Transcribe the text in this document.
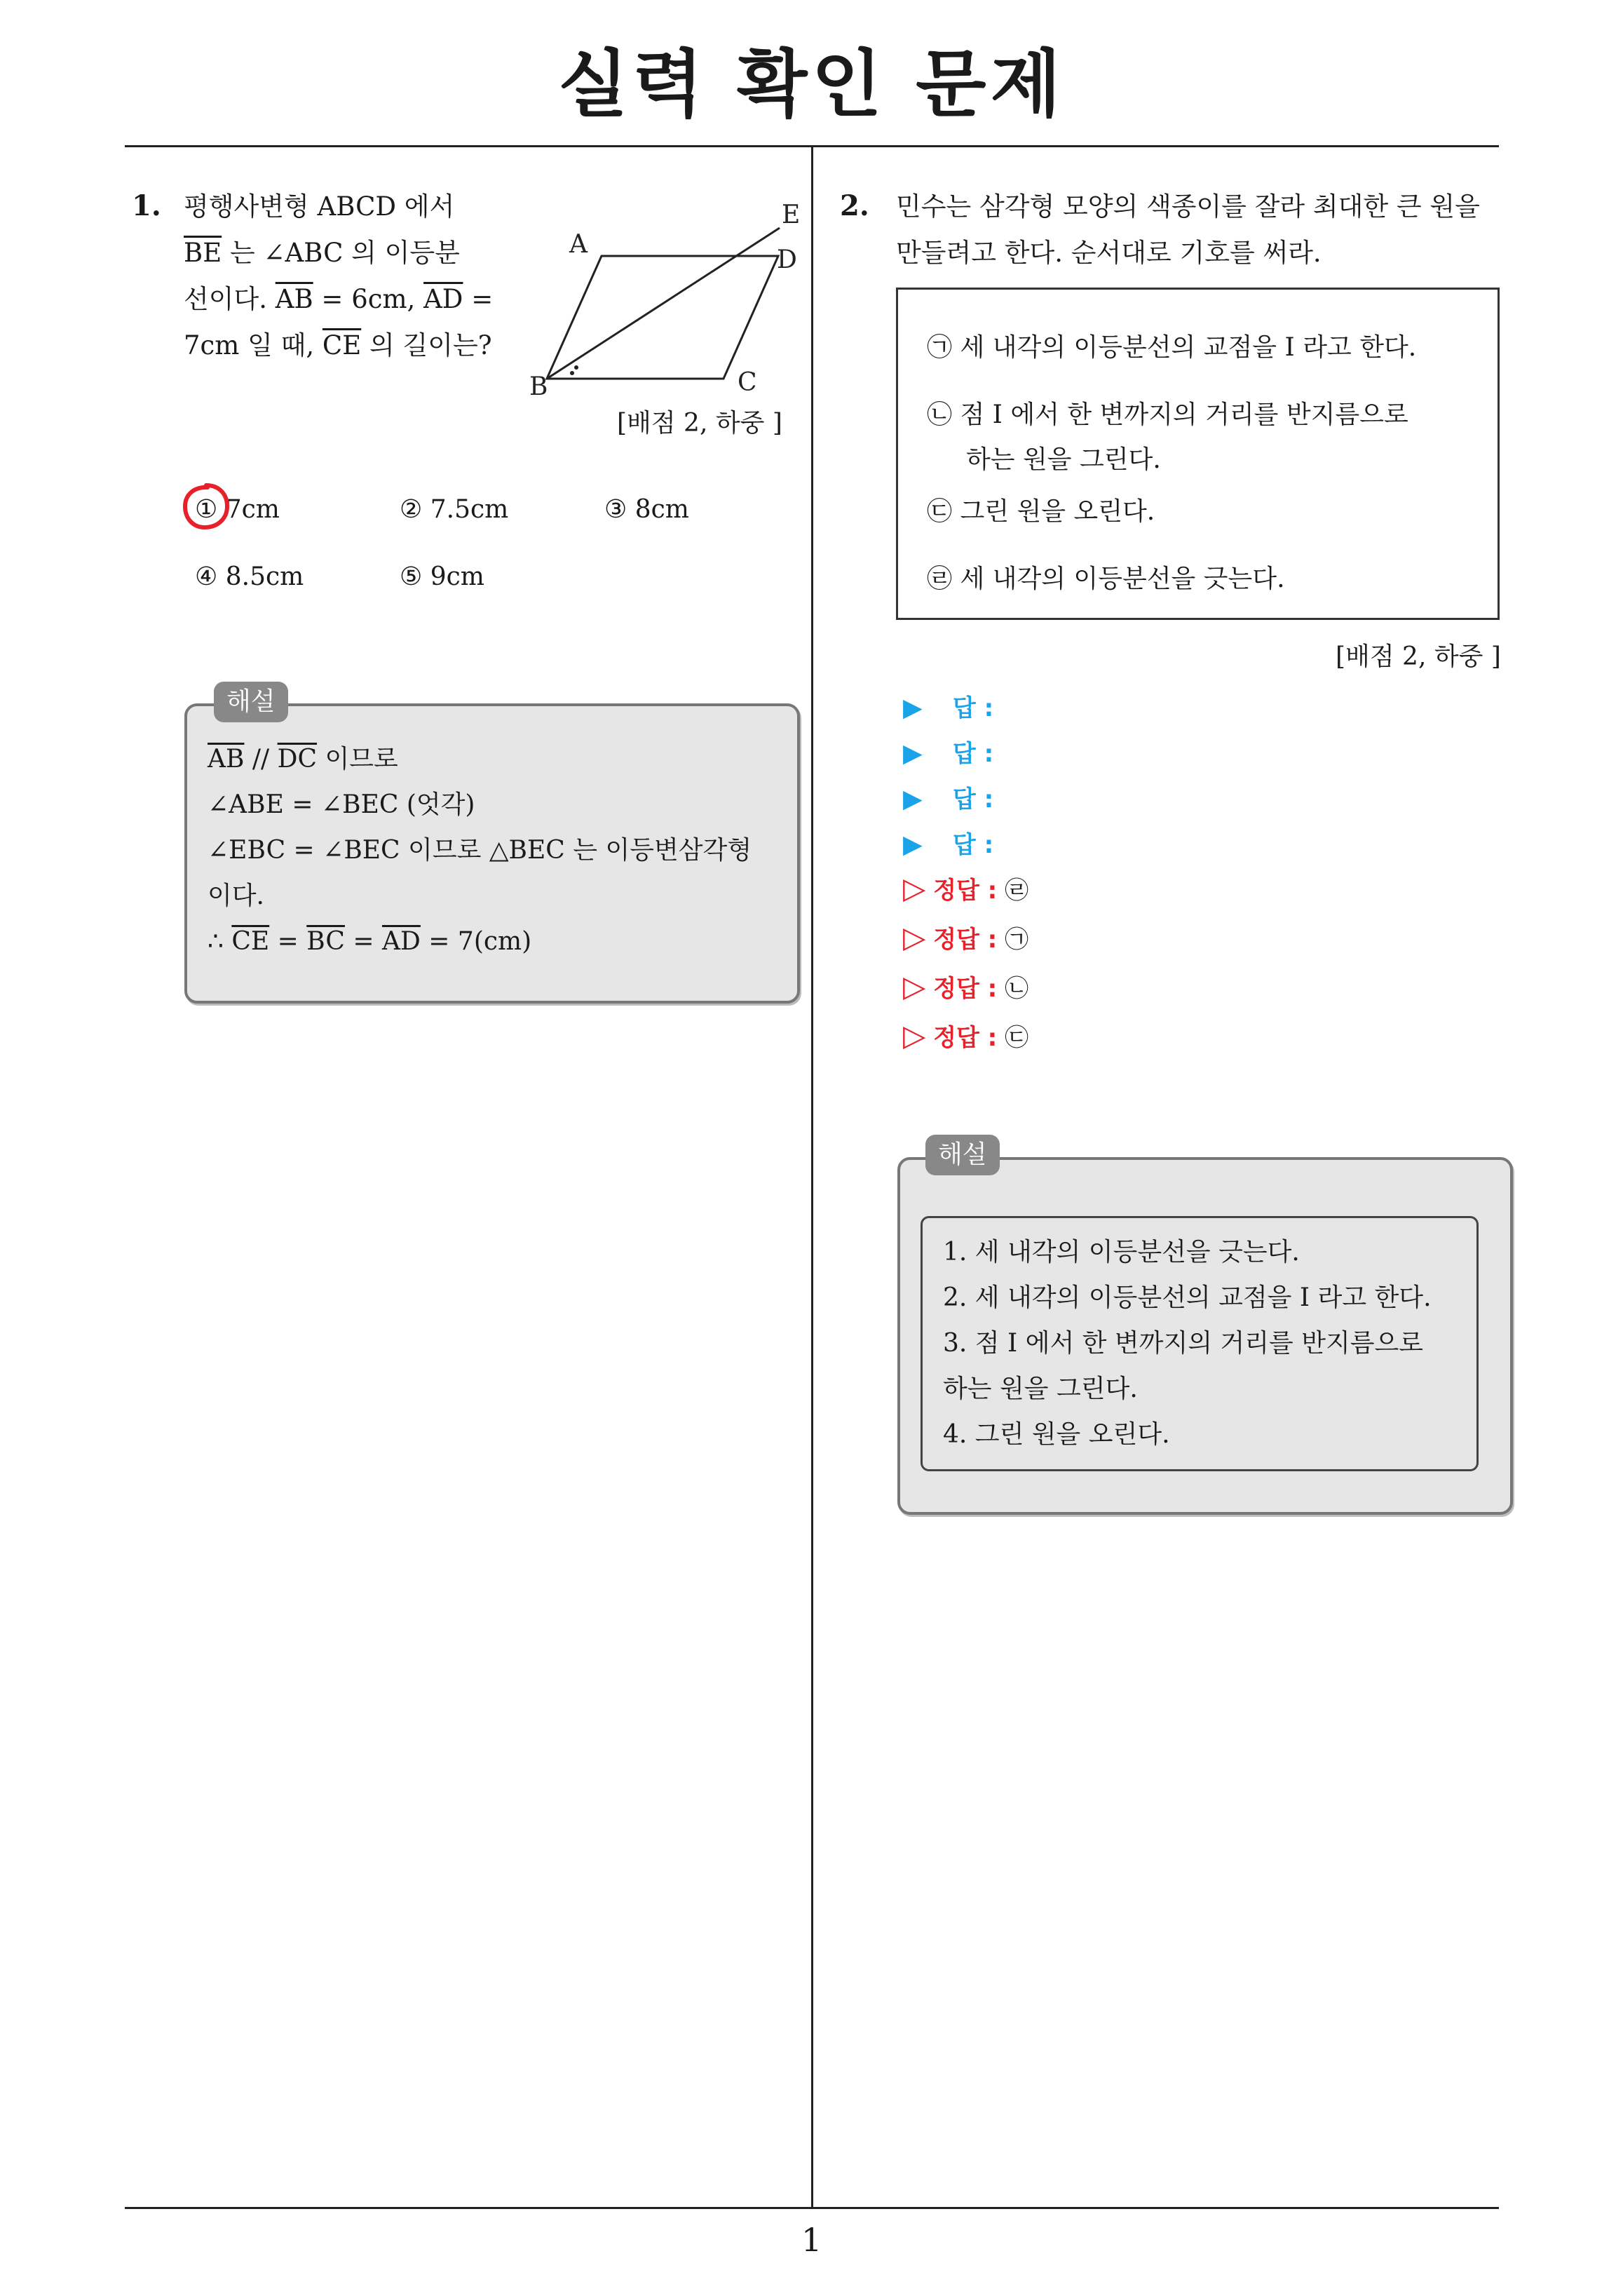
실력 확인 문제
1
1. 평행사변형 ABCD 에서
$\overline{BE}$ 는 ∠ABC 의 이등분
선이다. $\overline{AB} = 6cm$, $\overline{AD}$ =
7cm 일 때, $\overline{CE}$ 의 길이는?
A
B	C
D
E
[배점 2, 하중 ]
① 7cm	② 7.5cm	③ 8cm
④ 8.5cm	⑤ 9cm
해설
$\overline{AB} // \overline{DC}$ 이므로
∠ABE = ∠BEC (엇각)
∠EBC = ∠BEC 이므로 △BEC 는 이등변삼각형
이다.
∴ $\overline{CE} = \overline{BC} = \overline{AD} = 7(cm)$
2. 민수는 삼각형 모양의 색종이를 잘라 최대한 큰 원을
만들려고 한다. 순서대로 기호를 써라.
㉠ 세 내각의 이등분선의 교점을 I 라고 한다.
㉡ 점 I 에서 한 변까지의 거리를 반지름으로
하는 원을 그린다.
㉢ 그린 원을 오린다.
㉣ 세 내각의 이등분선을 긋는다.
[배점 2, 하중 ]
▶ 답 :
▶ 답 :
▶ 답 :
▶ 답 :
▷ 정답 : ㉣
▷ 정답 : ㉠
▷ 정답 : ㉡
▷ 정답 : ㉢
해설
1. 세 내각의 이등분선을 긋는다.
2. 세 내각의 이등분선의 교점을 I 라고 한다.
3. 점 I 에서 한 변까지의 거리를 반지름으로
하는 원을 그린다.
4. 그린 원을 오린다.
